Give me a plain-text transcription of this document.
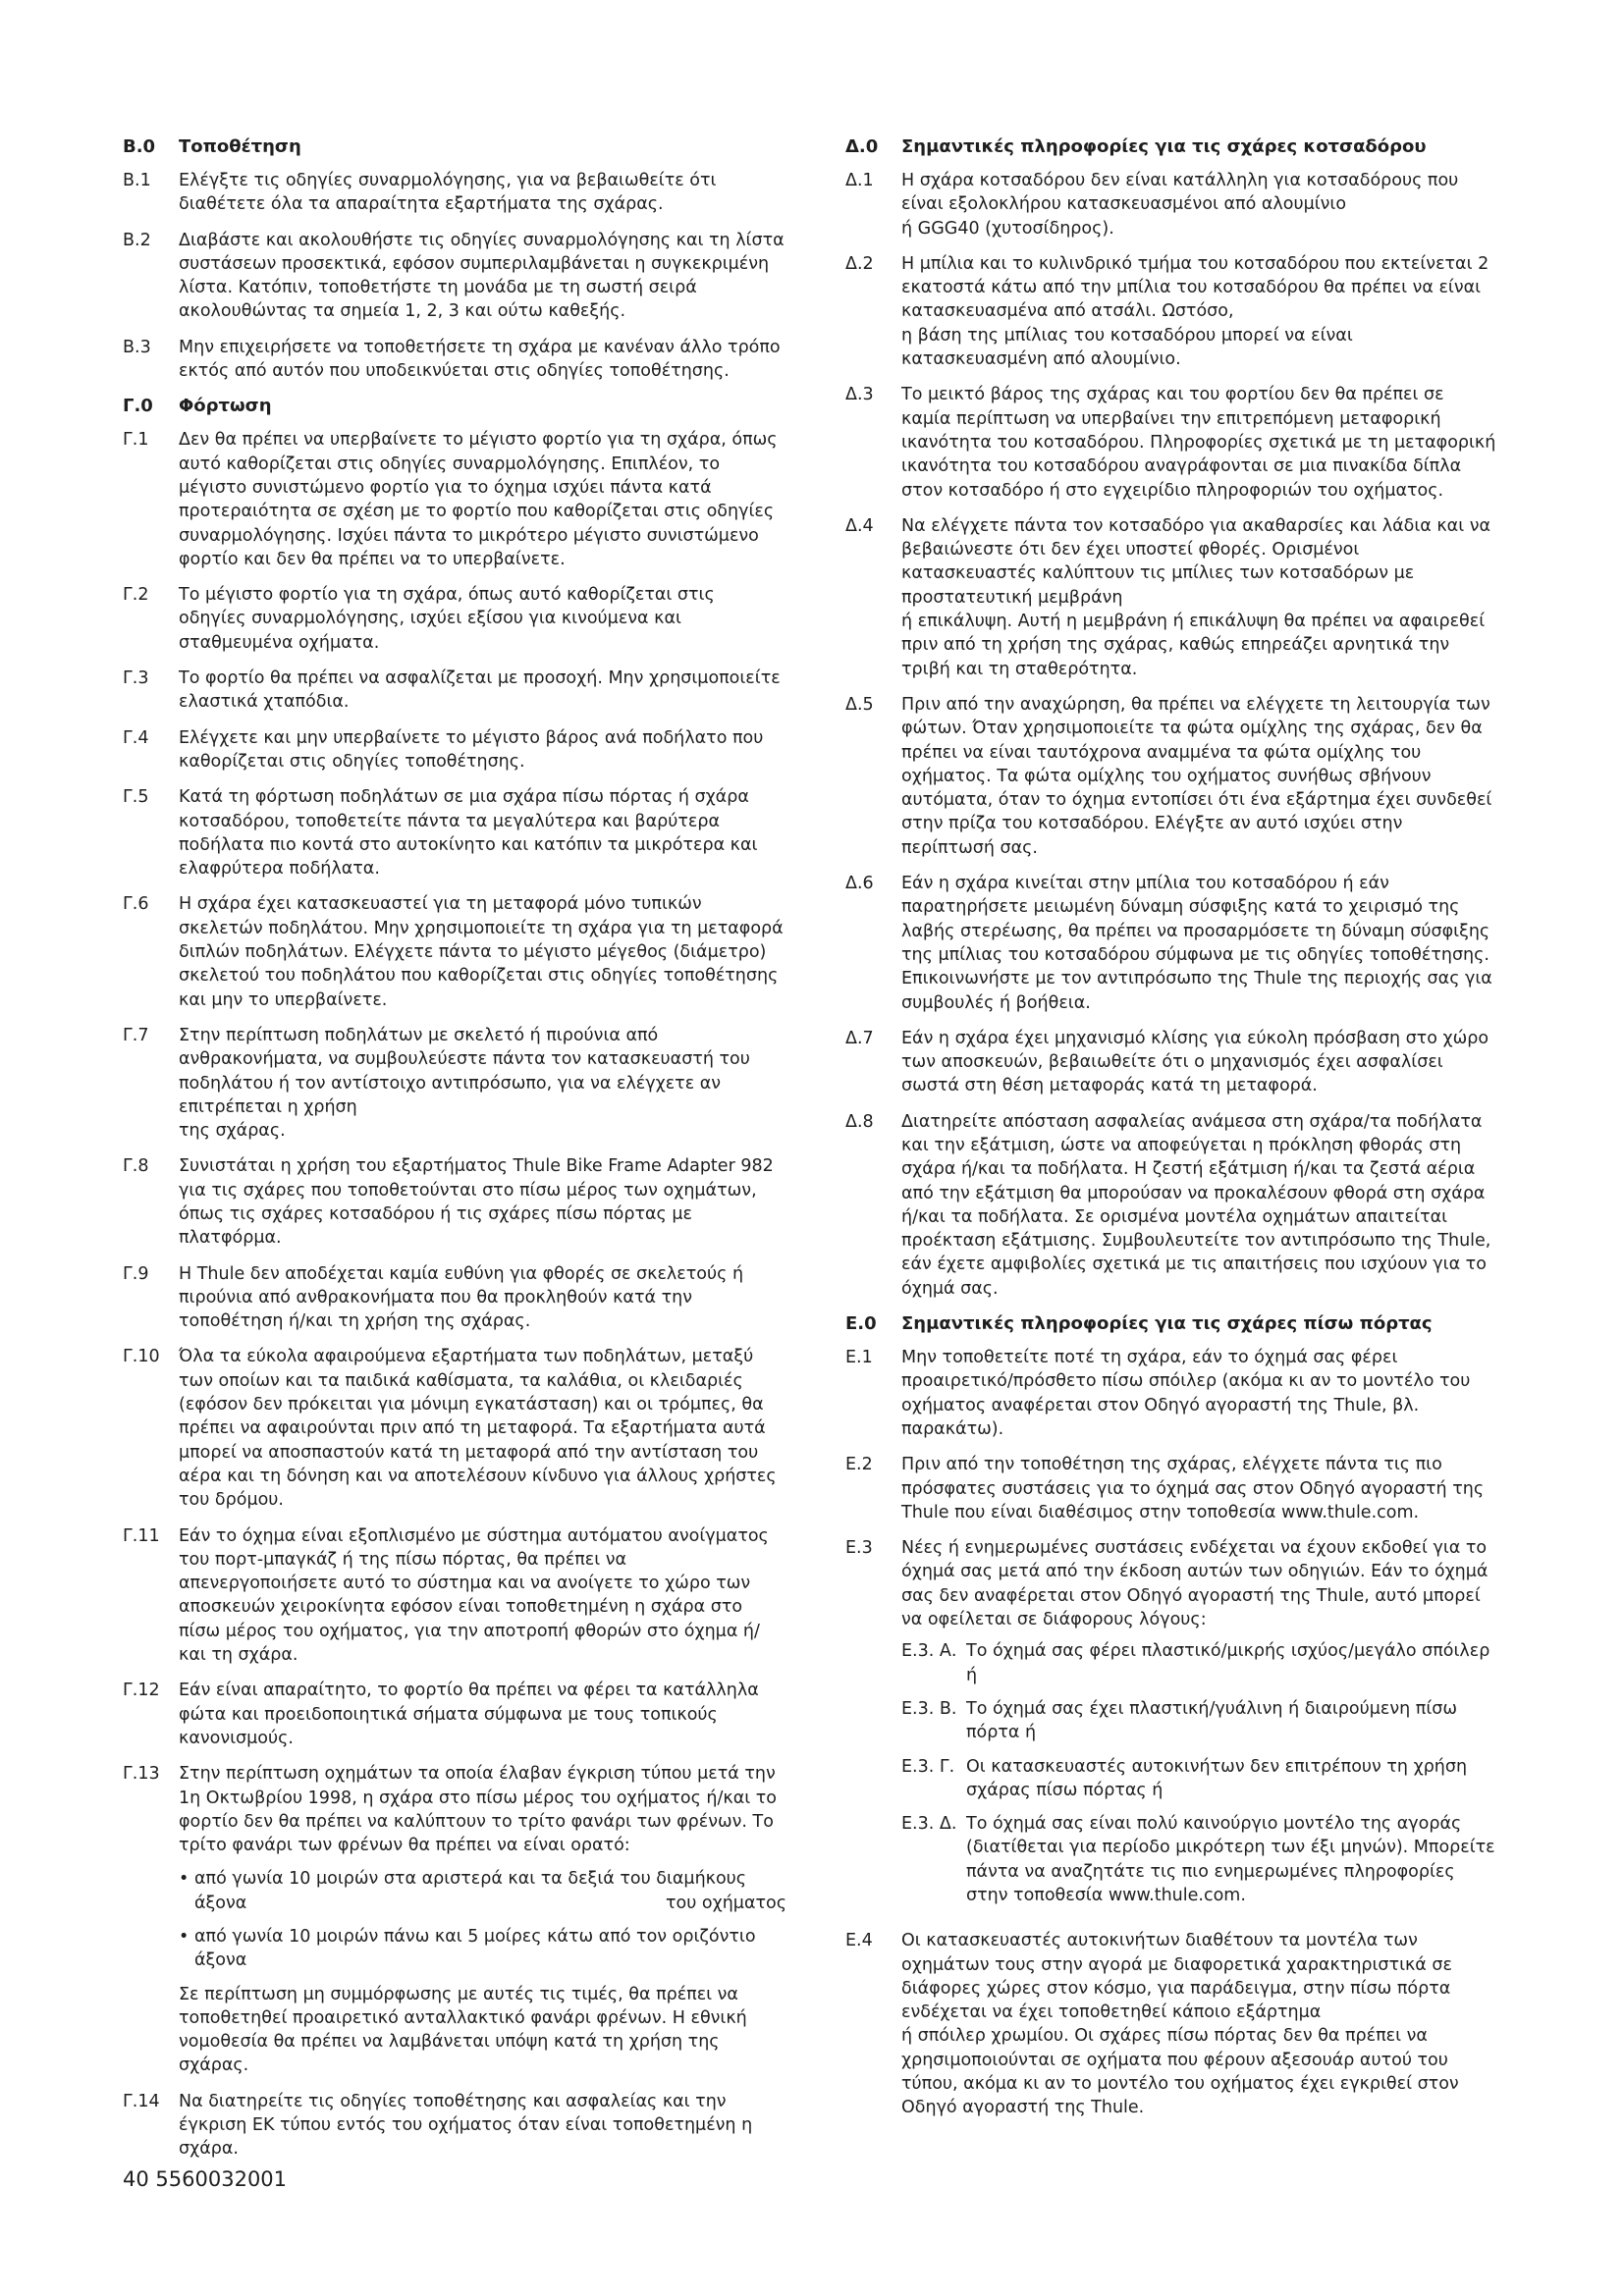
B.0	Τοποθέτηση
B.1	Ελέγξτε τις οδηγίες συναρμολόγησης, για να βεβαιωθείτε ότι διαθέτετε όλα τα απαραίτητα εξαρτήματα της σχάρας.
B.2	Διαβάστε και ακολουθήστε τις οδηγίες συναρμολόγησης και τη λίστα συστάσεων προσεκτικά, εφόσον συμπεριλαμβάνεται η συγκεκριμένη λίστα. Κατόπιν, τοποθετήστε τη μονάδα με τη σωστή σειρά ακολουθώντας τα σημεία 1, 2, 3 και ούτω καθεξής.
B.3	Μην επιχειρήσετε να τοποθετήσετε τη σχάρα με κανέναν άλλο τρόπο εκτός από αυτόν που υποδεικνύεται στις οδηγίες τοποθέτησης.
Γ.0	Φόρτωση
Γ.1	Δεν θα πρέπει να υπερβαίνετε το μέγιστο φορτίο για τη σχάρα, όπως αυτό καθορίζεται στις οδηγίες συναρμολόγησης. Επιπλέον, το μέγιστο συνιστώμενο φορτίο για το όχημα ισχύει πάντα κατά προτεραιότητα σε σχέση με το φορτίο που καθορίζεται στις οδηγίες συναρμολόγησης. Ισχύει πάντα το μικρότερο μέγιστο συνιστώμενο φορτίο και δεν θα πρέπει να το υπερβαίνετε.
Γ.2	Το μέγιστο φορτίο για τη σχάρα, όπως αυτό καθορίζεται στις οδηγίες συναρμολόγησης, ισχύει εξίσου για κινούμενα και σταθμευμένα οχήματα.
Γ.3	Το φορτίο θα πρέπει να ασφαλίζεται με προσοχή. Μην χρησιμοποιείτε ελαστικά χταπόδια.
Γ.4	Ελέγχετε και μην υπερβαίνετε το μέγιστο βάρος ανά ποδήλατο που καθορίζεται στις οδηγίες τοποθέτησης.
Γ.5	Κατά τη φόρτωση ποδηλάτων σε μια σχάρα πίσω πόρτας ή σχάρα κοτσαδόρου, τοποθετείτε πάντα τα μεγαλύτερα και βαρύτερα ποδήλατα πιο κοντά στο αυτοκίνητο και κατόπιν τα μικρότερα και ελαφρύτερα ποδήλατα.
Γ.6	Η σχάρα έχει κατασκευαστεί για τη μεταφορά μόνο τυπικών σκελετών ποδηλάτου. Μην χρησιμοποιείτε τη σχάρα για τη μεταφορά διπλών ποδηλάτων. Ελέγχετε πάντα το μέγιστο μέγεθος (διάμετρο) σκελετού του ποδηλάτου που καθορίζεται στις οδηγίες τοποθέτησης και μην το υπερβαίνετε.
Γ.7	Στην περίπτωση ποδηλάτων με σκελετό ή πιρούνια από ανθρακονήματα, να συμβουλεύεστε πάντα τον κατασκευαστή του ποδηλάτου ή τον αντίστοιχο αντιπρόσωπο, για να ελέγχετε αν επιτρέπεται η χρήση
της σχάρας.
Γ.8	Συνιστάται η χρήση του εξαρτήματος Thule Bike Frame Adapter 982 για τις σχάρες που τοποθετούνται στο πίσω μέρος των οχημάτων, όπως τις σχάρες κοτσαδόρου ή τις σχάρες πίσω πόρτας με πλατφόρμα.
Γ.9	Η Thule δεν αποδέχεται καμία ευθύνη για φθορές σε σκελετούς ή πιρούνια από ανθρακονήματα που θα προκληθούν κατά την τοποθέτηση ή/και τη χρήση της σχάρας.
Γ.10	Όλα τα εύκολα αφαιρούμενα εξαρτήματα των ποδηλάτων, μεταξύ των οποίων και τα παιδικά καθίσματα, τα καλάθια, οι κλειδαριές (εφόσον δεν πρόκειται για μόνιμη εγκατάσταση) και οι τρόμπες, θα πρέπει να αφαιρούνται πριν από τη μεταφορά. Τα εξαρτήματα αυτά μπορεί να αποσπαστούν κατά τη μεταφορά από την αντίσταση του αέρα και τη δόνηση και να αποτελέσουν κίνδυνο για άλλους χρήστες του δρόμου.
Γ.11	Εάν το όχημα είναι εξοπλισμένο με σύστημα αυτόματου ανοίγματος του πορτ-μπαγκάζ ή της πίσω πόρτας, θα πρέπει να απενεργοποιήσετε αυτό το σύστημα και να ανοίγετε το χώρο των αποσκευών χειροκίνητα εφόσον είναι τοποθετημένη η σχάρα στο πίσω μέρος του οχήματος, για την αποτροπή φθορών στο όχημα ή/και τη σχάρα.
Γ.12	Εάν είναι απαραίτητο, το φορτίο θα πρέπει να φέρει τα κατάλληλα φώτα και προειδοποιητικά σήματα σύμφωνα με τους τοπικούς κανονισμούς.
Γ.13	Στην περίπτωση οχημάτων τα οποία έλαβαν έγκριση τύπου μετά την 1η Οκτωβρίου 1998, η σχάρα στο πίσω μέρος του οχήματος ή/και το φορτίο δεν θα πρέπει να καλύπτουν το τρίτο φανάρι των φρένων. Το τρίτο φανάρι των φρένων θα πρέπει να είναι ορατό:
• από γωνία 10 μοιρών στα αριστερά και τα δεξιά του διαμήκους άξονα	του οχήματος
• από γωνία 10 μοιρών πάνω και 5 μοίρες κάτω από τον οριζόντιο άξονα
Σε περίπτωση μη συμμόρφωσης με αυτές τις τιμές, θα πρέπει να τοποθετηθεί προαιρετικό ανταλλακτικό φανάρι φρένων. Η εθνική νομοθεσία θα πρέπει να λαμβάνεται υπόψη κατά τη χρήση της σχάρας.
Γ.14	Να διατηρείτε τις οδηγίες τοποθέτησης και ασφαλείας και την έγκριση ΕΚ τύπου εντός του οχήματος όταν είναι τοποθετημένη η σχάρα.
Δ.0	Σημαντικές πληροφορίες για τις σχάρες κοτσαδόρου
Δ.1	Η σχάρα κοτσαδόρου δεν είναι κατάλληλη για κοτσαδόρους που είναι εξολοκλήρου κατασκευασμένοι από αλουμίνιο
ή GGG40 (χυτοσίδηρος).
Δ.2	Η μπίλια και το κυλινδρικό τμήμα του κοτσαδόρου που εκτείνεται 2 εκατοστά κάτω από την μπίλια του κοτσαδόρου θα πρέπει να είναι κατασκευασμένα από ατσάλι. Ωστόσο,
η βάση της μπίλιας του κοτσαδόρου μπορεί να είναι κατασκευασμένη από αλουμίνιο.
Δ.3	Το μεικτό βάρος της σχάρας και του φορτίου δεν θα πρέπει σε καμία περίπτωση να υπερβαίνει την επιτρεπόμενη μεταφορική ικανότητα του κοτσαδόρου. Πληροφορίες σχετικά με τη μεταφορική ικανότητα του κοτσαδόρου αναγράφονται σε μια πινακίδα δίπλα στον κοτσαδόρο ή στο εγχειρίδιο πληροφοριών του οχήματος.
Δ.4	Να ελέγχετε πάντα τον κοτσαδόρο για ακαθαρσίες και λάδια και να βεβαιώνεστε ότι δεν έχει υποστεί φθορές. Ορισμένοι κατασκευαστές καλύπτουν τις μπίλιες των κοτσαδόρων με προστατευτική μεμβράνη
ή επικάλυψη. Αυτή η μεμβράνη ή επικάλυψη θα πρέπει να αφαιρεθεί πριν από τη χρήση της σχάρας, καθώς επηρεάζει αρνητικά την τριβή και τη σταθερότητα.
Δ.5	Πριν από την αναχώρηση, θα πρέπει να ελέγχετε τη λειτουργία των φώτων. Όταν χρησιμοποιείτε τα φώτα ομίχλης της σχάρας, δεν θα πρέπει να είναι ταυτόχρονα αναμμένα τα φώτα ομίχλης του οχήματος. Τα φώτα ομίχλης του οχήματος συνήθως σβήνουν αυτόματα, όταν το όχημα εντοπίσει ότι ένα εξάρτημα έχει συνδεθεί στην πρίζα του κοτσαδόρου. Ελέγξτε αν αυτό ισχύει στην περίπτωσή σας.
Δ.6	Εάν η σχάρα κινείται στην μπίλια του κοτσαδόρου ή εάν παρατηρήσετε μειωμένη δύναμη σύσφιξης κατά το χειρισμό της λαβής στερέωσης, θα πρέπει να προσαρμόσετε τη δύναμη σύσφιξης της μπίλιας του κοτσαδόρου σύμφωνα με τις οδηγίες τοποθέτησης. Επικοινωνήστε με τον αντιπρόσωπο της Thule της περιοχής σας για συμβουλές ή βοήθεια.
Δ.7	Εάν η σχάρα έχει μηχανισμό κλίσης για εύκολη πρόσβαση στο χώρο των αποσκευών, βεβαιωθείτε ότι ο μηχανισμός έχει ασφαλίσει σωστά στη θέση μεταφοράς κατά τη μεταφορά.
Δ.8	Διατηρείτε απόσταση ασφαλείας ανάμεσα στη σχάρα/τα ποδήλατα και την εξάτμιση, ώστε να αποφεύγεται η πρόκληση φθοράς στη σχάρα ή/και τα ποδήλατα. Η ζεστή εξάτμιση ή/και τα ζεστά αέρια από την εξάτμιση θα μπορούσαν να προκαλέσουν φθορά στη σχάρα ή/και τα ποδήλατα. Σε ορισμένα μοντέλα οχημάτων απαιτείται προέκταση εξάτμισης. Συμβουλευτείτε τον αντιπρόσωπο της Thule, εάν έχετε αμφιβολίες σχετικά με τις απαιτήσεις που ισχύουν για το όχημά σας.
Ε.0	Σημαντικές πληροφορίες για τις σχάρες πίσω πόρτας
Ε.1	Μην τοποθετείτε ποτέ τη σχάρα, εάν το όχημά σας φέρει προαιρετικό/πρόσθετο πίσω σπόιλερ (ακόμα κι αν το μοντέλο του οχήματος αναφέρεται στον Οδηγό αγοραστή της Thule, βλ. παρακάτω).
Ε.2	Πριν από την τοποθέτηση της σχάρας, ελέγχετε πάντα τις πιο πρόσφατες συστάσεις για το όχημά σας στον Οδηγό αγοραστή της Thule που είναι διαθέσιμος στην τοποθεσία www.thule.com.
Ε.3	Νέες ή ενημερωμένες συστάσεις ενδέχεται να έχουν εκδοθεί για το όχημά σας μετά από την έκδοση αυτών των οδηγιών. Εάν το όχημά σας δεν αναφέρεται στον Οδηγό αγοραστή της Thule, αυτό μπορεί να οφείλεται σε διάφορους λόγους:
Ε.3. Α. Το όχημά σας φέρει πλαστικό/μικρής ισχύος/μεγάλο σπόιλερ ή
Ε.3. Β. Το όχημά σας έχει πλαστική/γυάλινη ή διαιρούμενη πίσω πόρτα ή
Ε.3. Γ. Οι κατασκευαστές αυτοκινήτων δεν επιτρέπουν τη χρήση σχάρας πίσω πόρτας ή
Ε.3. Δ. Το όχημά σας είναι πολύ καινούργιο μοντέλο της αγοράς (διατίθεται για περίοδο μικρότερη των έξι μηνών). Μπορείτε πάντα να αναζητάτε τις πιο ενημερωμένες πληροφορίες στην τοποθεσία www.thule.com.
Ε.4	Οι κατασκευαστές αυτοκινήτων διαθέτουν τα μοντέλα των οχημάτων τους στην αγορά με διαφορετικά χαρακτηριστικά σε διάφορες χώρες στον κόσμο, για παράδειγμα, στην πίσω πόρτα ενδέχεται να έχει τοποθετηθεί κάποιο εξάρτημα
ή σπόιλερ χρωμίου. Οι σχάρες πίσω πόρτας δεν θα πρέπει να χρησιμοποιούνται σε οχήματα που φέρουν αξεσουάρ αυτού του τύπου, ακόμα κι αν το μοντέλο του οχήματος έχει εγκριθεί στον Οδηγό αγοραστή της Thule.
40 5560032001
